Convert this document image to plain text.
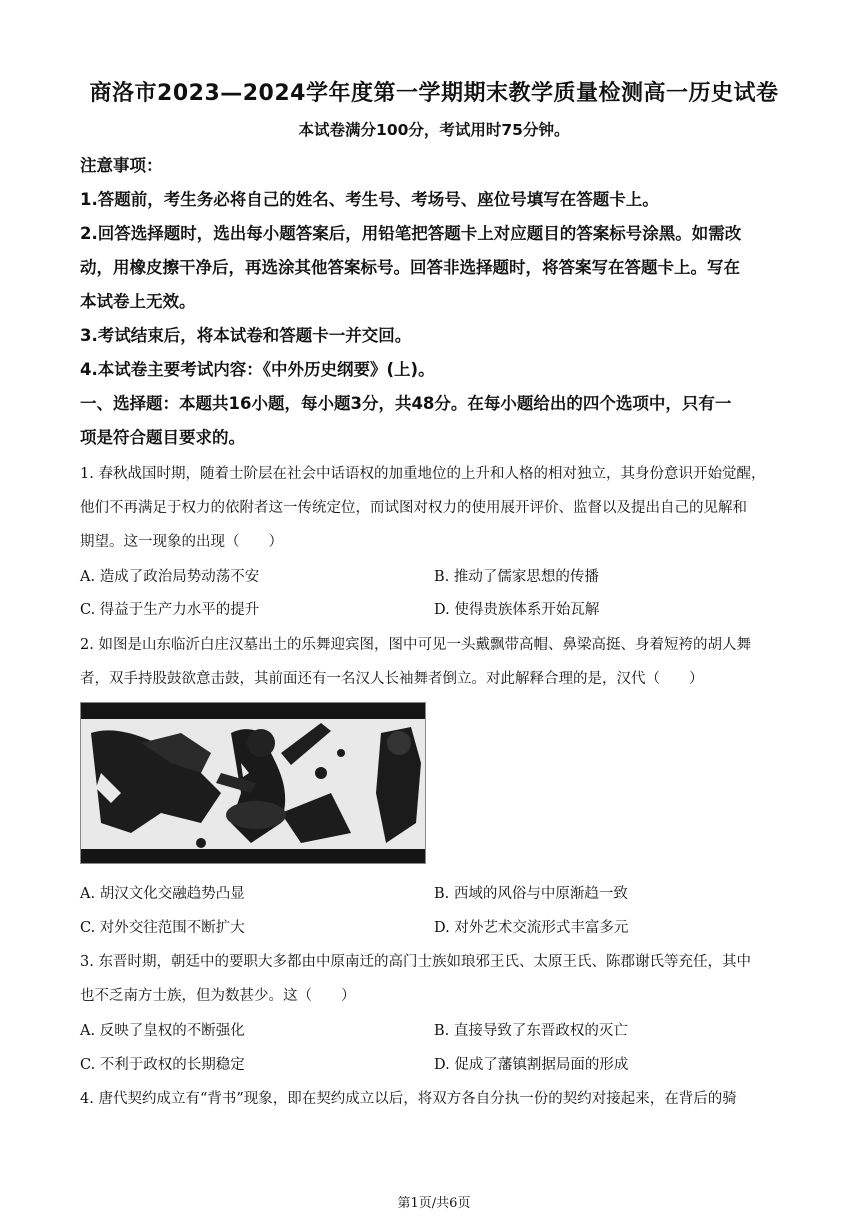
商洛市2023—2024学年度第一学期期末教学质量检测高一历史试卷
本试卷满分100分，考试用时75分钟。
注意事项：
1.答题前，考生务必将自己的姓名、考生号、考场号、座位号填写在答题卡上。
2.回答选择题时，选出每小题答案后，用铅笔把答题卡上对应题目的答案标号涂黑。如需改
动，用橡皮擦干净后，再选涂其他答案标号。回答非选择题时，将答案写在答题卡上。写在
本试卷上无效。
3.考试结束后，将本试卷和答题卡一并交回。
4.本试卷主要考试内容：《中外历史纲要》(上)。
一、选择题：本题共16小题，每小题3分，共48分。在每小题给出的四个选项中，只有一
项是符合题目要求的。
1. 春秋战国时期，随着士阶层在社会中话语权的加重地位的上升和人格的相对独立，其身份意识开始觉醒，
他们不再满足于权力的依附者这一传统定位，而试图对权力的使用展开评价、监督以及提出自己的见解和
期望。这一现象的出现（　　）
A. 造成了政治局势动荡不安	B. 推动了儒家思想的传播
C. 得益于生产力水平的提升	D. 使得贵族体系开始瓦解
2. 如图是山东临沂白庄汉墓出土的乐舞迎宾图，图中可见一头戴飘带高帽、鼻梁高挺、身着短袴的胡人舞
者，双手持股鼓欲意击鼓，其前面还有一名汉人长袖舞者倒立。对此解释合理的是，汉代（　　）
A. 胡汉文化交融趋势凸显	B. 西域的风俗与中原渐趋一致
C. 对外交往范围不断扩大	D. 对外艺术交流形式丰富多元
3. 东晋时期，朝廷中的要职大多都由中原南迁的高门士族如琅邪王氏、太原王氏、陈郡谢氏等充任，其中
也不乏南方士族，但为数甚少。这（　　）
A. 反映了皇权的不断强化	B. 直接导致了东晋政权的灭亡
C. 不利于政权的长期稳定	D. 促成了藩镇割据局面的形成
4. 唐代契约成立有“背书”现象，即在契约成立以后，将双方各自分执一份的契约对接起来，在背后的骑
第1页/共6页
